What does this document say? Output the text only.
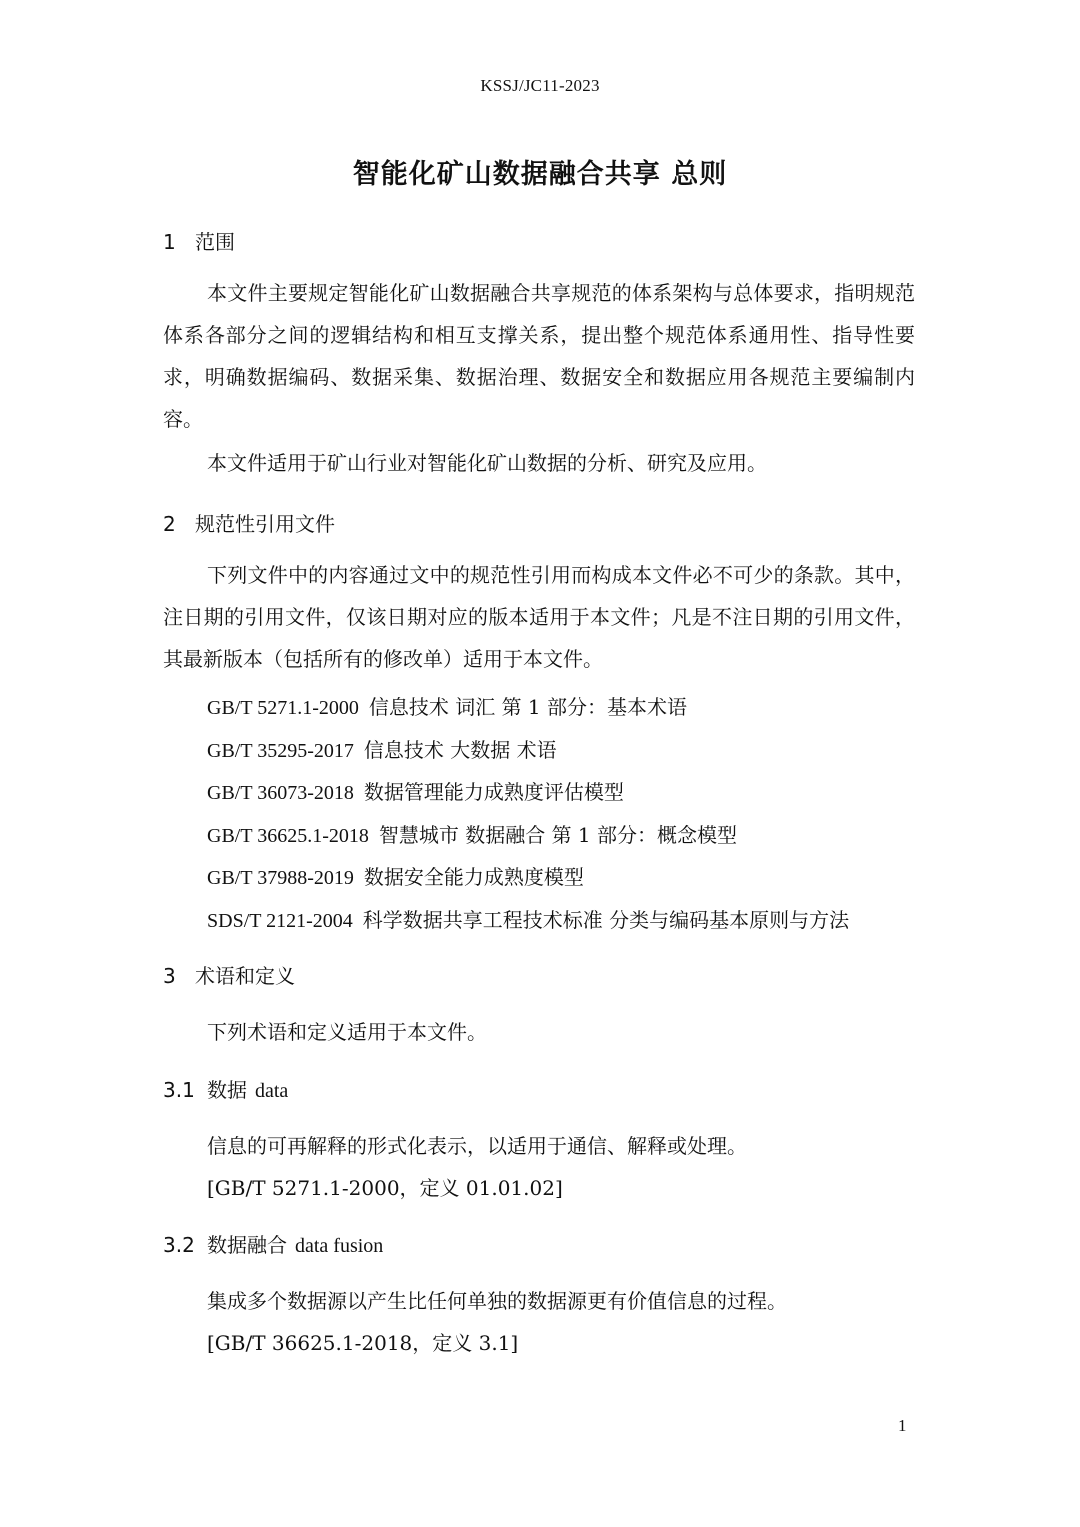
KSSJ/JC11-2023
智能化矿山数据融合共享 总则
1 范围
本文件主要规定智能化矿山数据融合共享规范的体系架构与总体要求，指明规范体系各部分之间的逻辑结构和相互支撑关系，提出整个规范体系通用性、指导性要求，明确数据编码、数据采集、数据治理、数据安全和数据应用各规范主要编制内容。
本文件适用于矿山行业对智能化矿山数据的分析、研究及应用。
2 规范性引用文件
下列文件中的内容通过文中的规范性引用而构成本文件必不可少的条款。其中，注日期的引用文件，仅该日期对应的版本适用于本文件；凡是不注日期的引用文件，其最新版本（包括所有的修改单）适用于本文件。
GB/T 5271.1-2000 信息技术 词汇 第 1 部分：基本术语
GB/T 35295-2017 信息技术 大数据 术语
GB/T 36073-2018 数据管理能力成熟度评估模型
GB/T 36625.1-2018 智慧城市 数据融合 第 1 部分：概念模型
GB/T 37988-2019 数据安全能力成熟度模型
SDS/T 2121-2004 科学数据共享工程技术标准 分类与编码基本原则与方法
3 术语和定义
下列术语和定义适用于本文件。
3.1 数据 data
信息的可再解释的形式化表示，以适用于通信、解释或处理。
[GB/T 5271.1-2000，定义 01.01.02]
3.2 数据融合 data fusion
集成多个数据源以产生比任何单独的数据源更有价值信息的过程。
[GB/T 36625.1-2018，定义 3.1]
1
